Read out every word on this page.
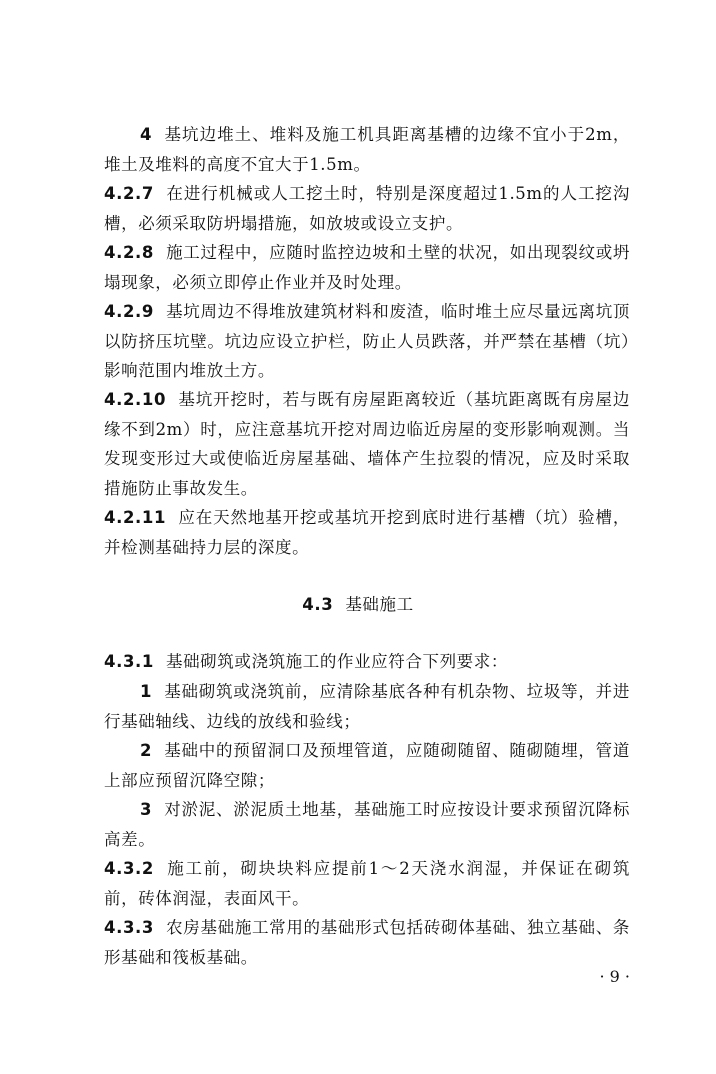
4 基坑边堆土、堆料及施工机具距离基槽的边缘不宜小于2m，堆土及堆料的高度不宜大于1.5m。

4.2.7 在进行机械或人工挖土时，特别是深度超过1.5m的人工挖沟槽，必须采取防坍塌措施，如放坡或设立支护。

4.2.8 施工过程中，应随时监控边坡和土壁的状况，如出现裂纹或坍塌现象，必须立即停止作业并及时处理。

4.2.9 基坑周边不得堆放建筑材料和废渣，临时堆土应尽量远离坑顶以防挤压坑壁。坑边应设立护栏，防止人员跌落，并严禁在基槽（坑）影响范围内堆放土方。

4.2.10 基坑开挖时，若与既有房屋距离较近（基坑距离既有房屋边缘不到2m）时，应注意基坑开挖对周边临近房屋的变形影响观测。当发现变形过大或使临近房屋基础、墙体产生拉裂的情况，应及时采取措施防止事故发生。

4.2.11 应在天然地基开挖或基坑开挖到底时进行基槽（坑）验槽，并检测基础持力层的深度。

4.3 基础施工

4.3.1 基础砌筑或浇筑施工的作业应符合下列要求：

1 基础砌筑或浇筑前，应清除基底各种有机杂物、垃圾等，并进行基础轴线、边线的放线和验线；

2 基础中的预留洞口及预埋管道，应随砌随留、随砌随埋，管道上部应预留沉降空隙；

3 对淤泥、淤泥质土地基，基础施工时应按设计要求预留沉降标高差。

4.3.2 施工前，砌块块料应提前1～2天浇水润湿，并保证在砌筑前，砖体润湿，表面风干。

4.3.3 农房基础施工常用的基础形式包括砖砌体基础、独立基础、条形基础和筏板基础。

· 9 ·
